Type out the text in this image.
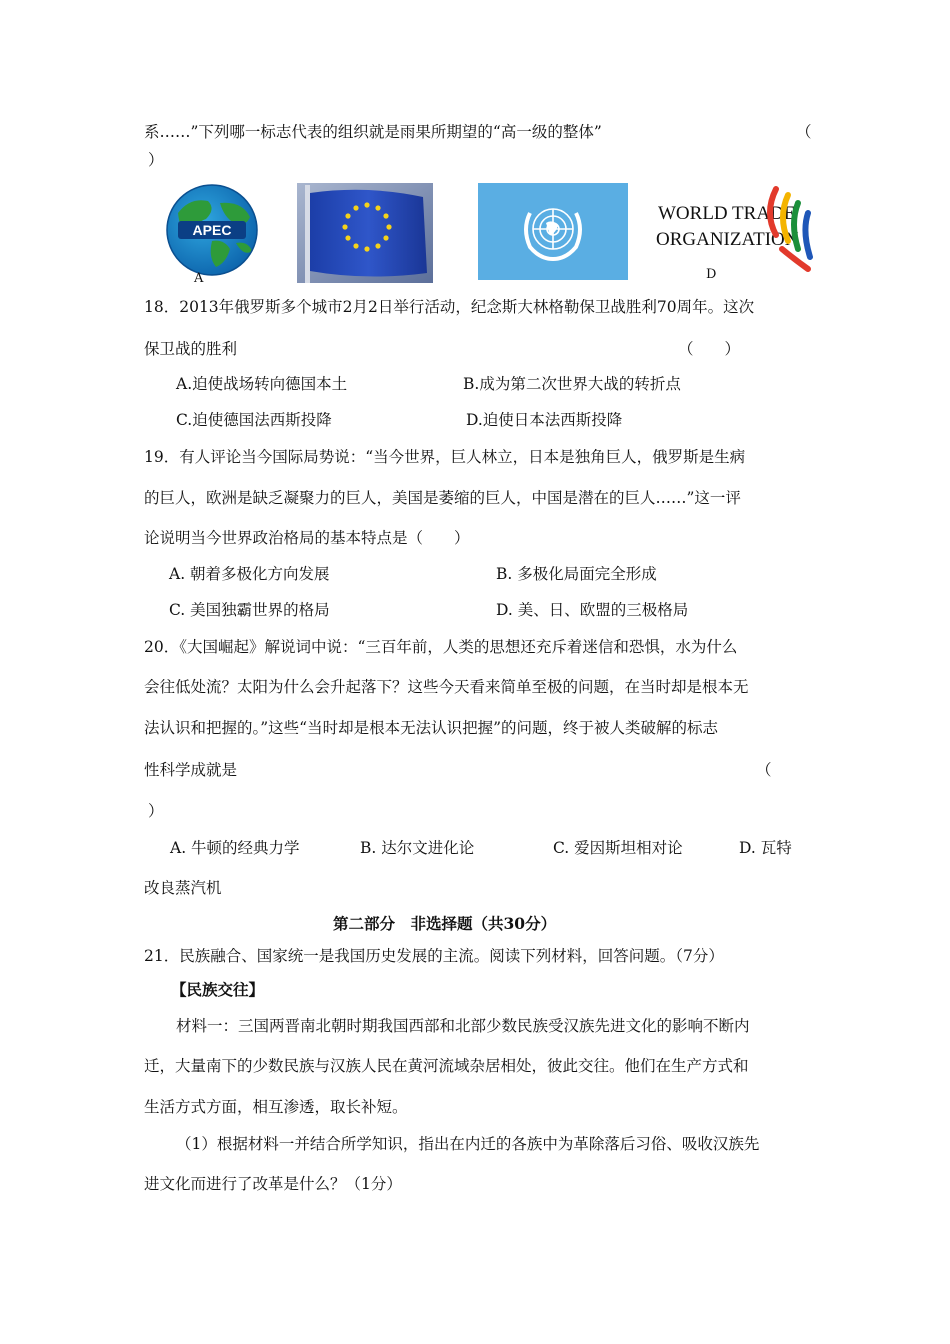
系……”下列哪一标志代表的组织就是雨果所期望的“高一级的整体”	（
）
APEC
A
WORLD TRADE
ORGANIZATION
D
18．2013年俄罗斯多个城市2月2日举行活动，纪念斯大林格勒保卫战胜利70周年。这次
保卫战的胜利	（　　）
A.迫使战场转向德国本土	B.成为第二次世界大战的转折点
C.迫使德国法西斯投降	D.迫使日本法西斯投降
19．有人评论当今国际局势说：“当今世界，巨人林立，日本是独角巨人，俄罗斯是生病
的巨人，欧洲是缺乏凝聚力的巨人，美国是萎缩的巨人，中国是潜在的巨人……”这一评
论说明当今世界政治格局的基本特点是（　　）
A. 朝着多极化方向发展	B. 多极化局面完全形成
C. 美国独霸世界的格局	D. 美、日、欧盟的三极格局
20．《大国崛起》解说词中说：“三百年前，人类的思想还充斥着迷信和恐惧，水为什么
会往低处流？太阳为什么会升起落下？这些今天看来简单至极的问题，在当时却是根本无
法认识和把握的。”这些“当时却是根本无法认识把握”的问题，终于被人类破解的标志
性科学成就是	（
）
A. 牛顿的经典力学	B. 达尔文进化论	C. 爱因斯坦相对论	D. 瓦特
改良蒸汽机
第二部分　非选择题（共30分）
21．民族融合、国家统一是我国历史发展的主流。阅读下列材料，回答问题。（7分）
【民族交往】
材料一：三国两晋南北朝时期我国西部和北部少数民族受汉族先进文化的影响不断内
迁，大量南下的少数民族与汉族人民在黄河流域杂居相处，彼此交往。他们在生产方式和
生活方式方面，相互渗透，取长补短。
（1）根据材料一并结合所学知识，指出在内迁的各族中为革除落后习俗、吸收汉族先
进文化而进行了改革是什么？（1分）
